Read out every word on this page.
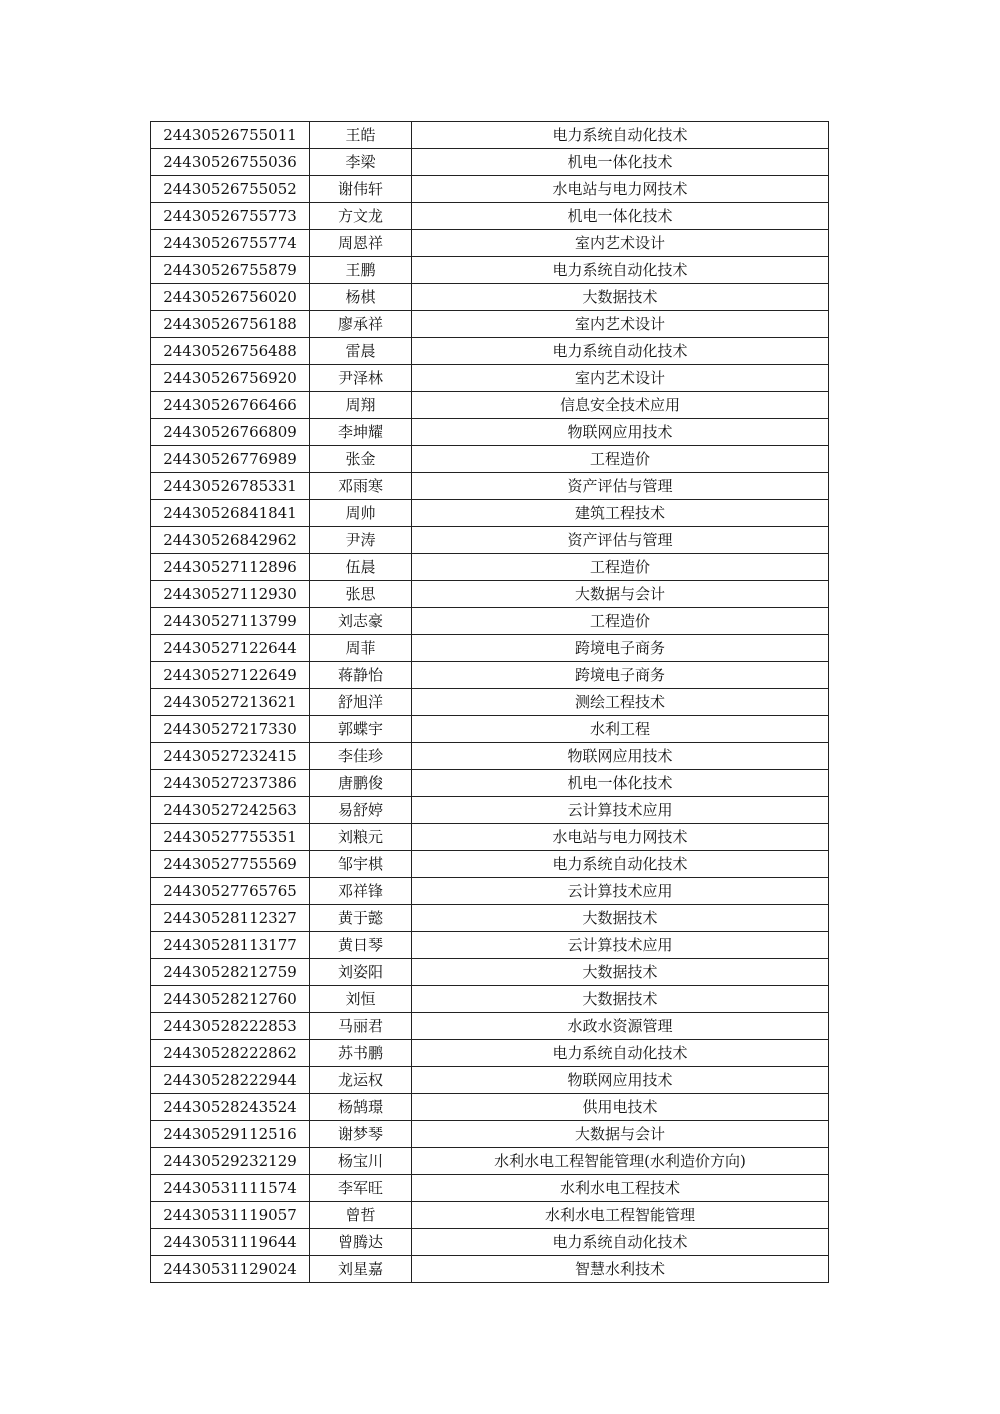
24430526755011	王皓	电力系统自动化技术
24430526755036	李梁	机电一体化技术
24430526755052	谢伟轩	水电站与电力网技术
24430526755773	方文龙	机电一体化技术
24430526755774	周恩祥	室内艺术设计
24430526755879	王鹏	电力系统自动化技术
24430526756020	杨棋	大数据技术
24430526756188	廖承祥	室内艺术设计
24430526756488	雷晨	电力系统自动化技术
24430526756920	尹泽林	室内艺术设计
24430526766466	周翔	信息安全技术应用
24430526766809	李坤耀	物联网应用技术
24430526776989	张金	工程造价
24430526785331	邓雨寒	资产评估与管理
24430526841841	周帅	建筑工程技术
24430526842962	尹涛	资产评估与管理
24430527112896	伍晨	工程造价
24430527112930	张思	大数据与会计
24430527113799	刘志豪	工程造价
24430527122644	周菲	跨境电子商务
24430527122649	蒋静怡	跨境电子商务
24430527213621	舒旭洋	测绘工程技术
24430527217330	郭蝶宇	水利工程
24430527232415	李佳珍	物联网应用技术
24430527237386	唐鹏俊	机电一体化技术
24430527242563	易舒婷	云计算技术应用
24430527755351	刘粮元	水电站与电力网技术
24430527755569	邹宇棋	电力系统自动化技术
24430527765765	邓祥锋	云计算技术应用
24430528112327	黄于懿	大数据技术
24430528113177	黄日琴	云计算技术应用
24430528212759	刘姿阳	大数据技术
24430528212760	刘恒	大数据技术
24430528222853	马丽君	水政水资源管理
24430528222862	苏书鹏	电力系统自动化技术
24430528222944	龙运权	物联网应用技术
24430528243524	杨鹄璟	供用电技术
24430529112516	谢梦琴	大数据与会计
24430529232129	杨宝川	水利水电工程智能管理(水利造价方向)
24430531111574	李军旺	水利水电工程技术
24430531119057	曾哲	水利水电工程智能管理
24430531119644	曾腾达	电力系统自动化技术
24430531129024	刘星嘉	智慧水利技术
